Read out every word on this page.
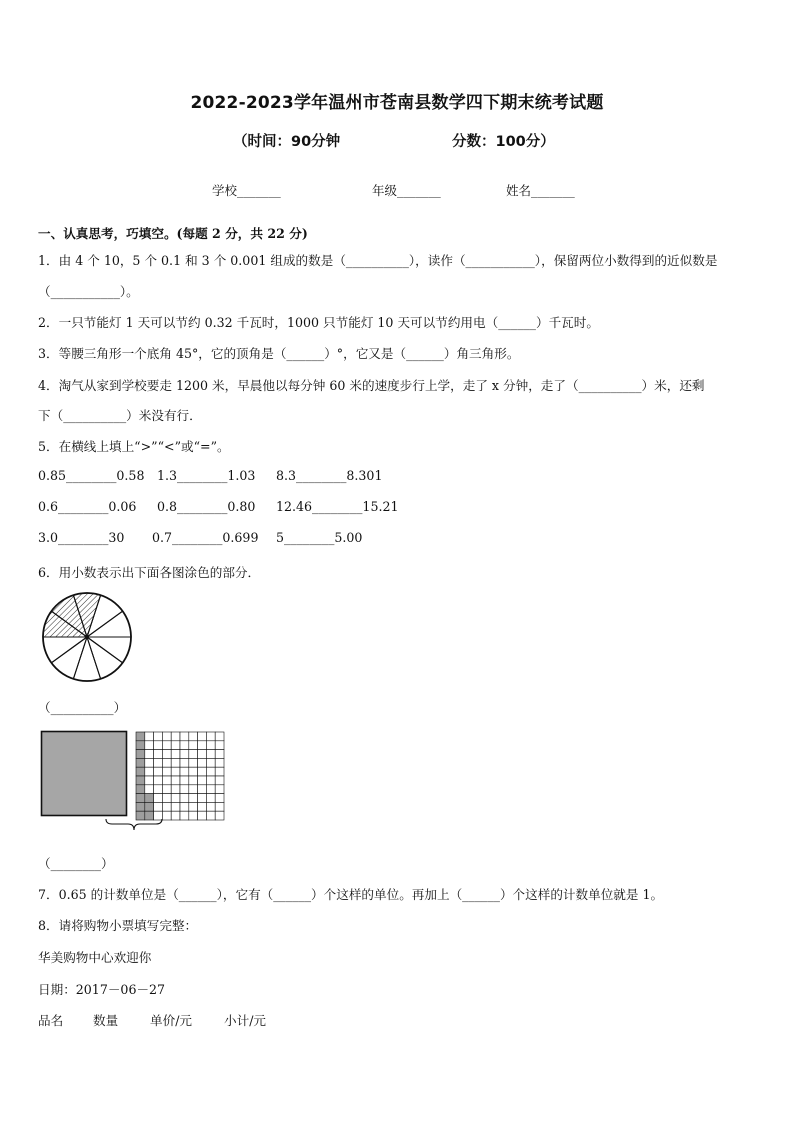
2022-2023学年温州市苍南县数学四下期末统考试题
（时间：90分钟	分数：100分）
学校_______	年级_______	姓名_______
一、认真思考，巧填空。(每题 2 分，共 22 分)
1．由 4 个 10，5 个 0.1 和 3 个 0.001 组成的数是（__________），读作（___________），保留两位小数得到的近似数是
（___________）。
2．一只节能灯 1 天可以节约 0.32 千瓦时，1000 只节能灯 10 天可以节约用电（______）千瓦时。
3．等腰三角形一个底角 45°，它的顶角是（______）°，它又是（______）角三角形。
4．淘气从家到学校要走 1200 米，早晨他以每分钟 60 米的速度步行上学，走了 x 分钟，走了（__________）米，还剩
下（__________）米没有行．
5．在横线上填上“>”“<”或“=”。
0.85________0.58 1.3________1.03 8.3________8.301
0.6________0.06 0.8________0.80 12.46________15.21
3.0________30 0.7________0.699 5________5.00
6．用小数表示出下面各图涂色的部分．
（__________）
（________）
7．0.65 的计数单位是（______），它有（______）个这样的单位。再加上（______）个这样的计数单位就是 1。
8．请将购物小票填写完整：
华美购物中心欢迎你
日期：2017－06－27
品名 数量	单价/元	小计/元
